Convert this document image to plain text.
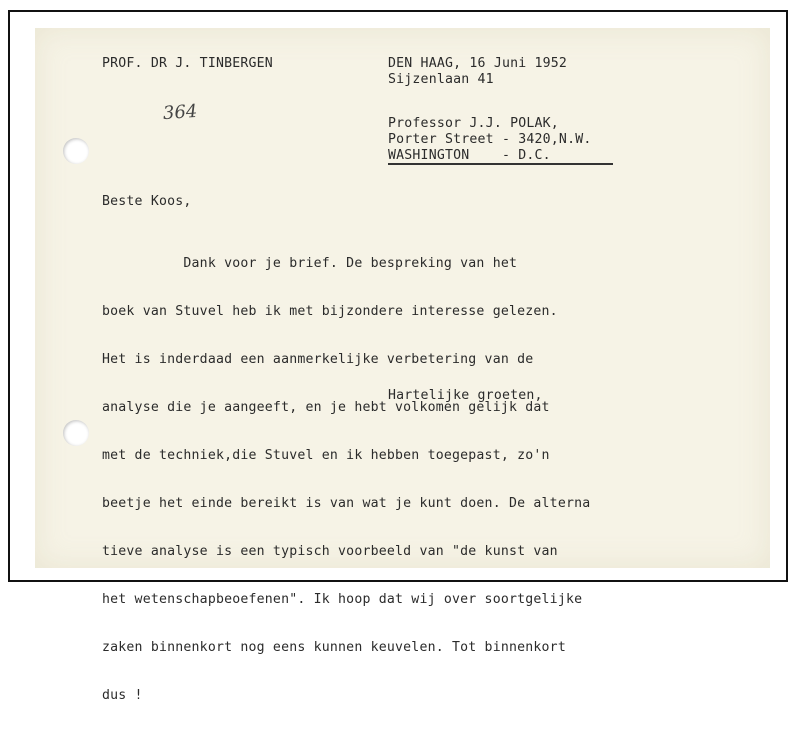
PROF. DR J. TINBERGEN	DEN HAAG, 16 Juni 1952
Sijzenlaan 41
364	Professor J.J. POLAK,
Porter Street - 3420,N.W.
WASHINGTON    - D.C.
Beste Koos,

Dank voor je brief. De bespreking van het

boek van Stuvel heb ik met bijzondere interesse gelezen.

Het is inderdaad een aanmerkelijke verbetering van de

analyse die je aangeeft, en je hebt volkomen gelijk dat

met de techniek,die Stuvel en ik hebben toegepast, zo'n

beetje het einde bereikt is van wat je kunt doen. De alterna

tieve analyse is een typisch voorbeeld van "de kunst van

het wetenschapbeoefenen". Ik hoop dat wij over soortgelijke

zaken binnenkort nog eens kunnen keuvelen. Tot binnenkort

dus !

Hartelijke groeten,
